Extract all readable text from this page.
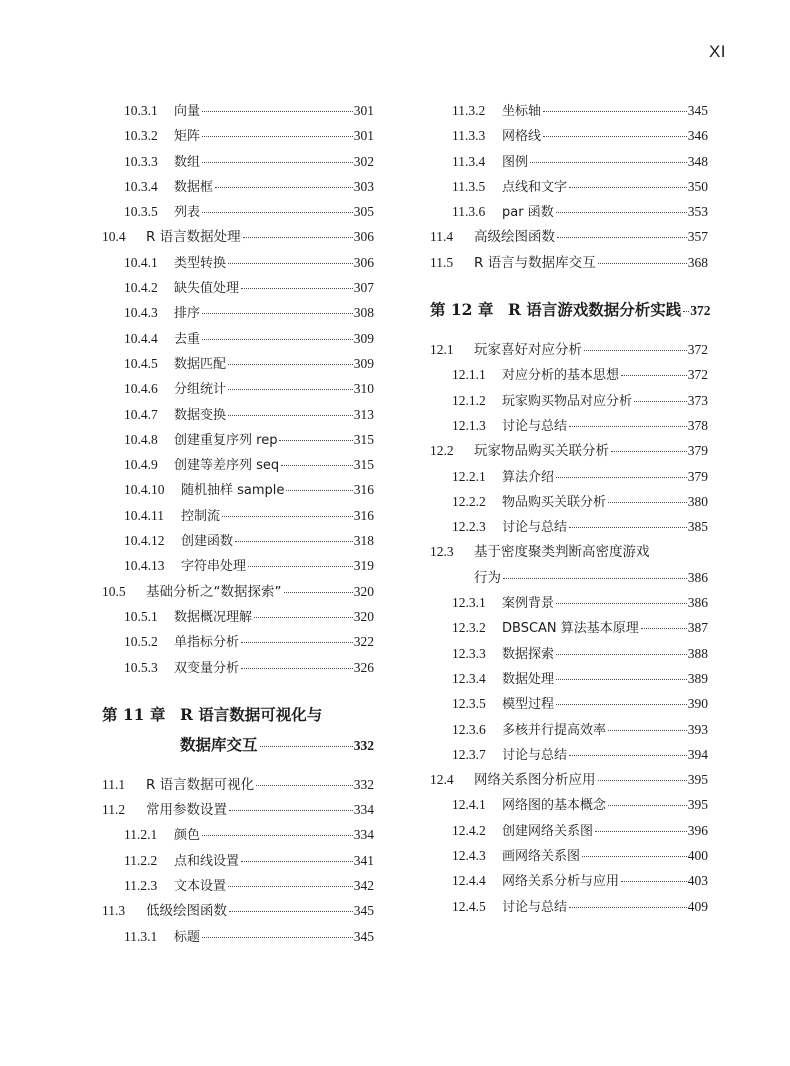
XI
10.3.1	向量	301
10.3.2	矩阵	301
10.3.3	数组	302
10.3.4	数据框	303
10.3.5	列表	305
10.4	R 语言数据处理	306
10.4.1	类型转换	306
10.4.2	缺失值处理	307
10.4.3	排序	308
10.4.4	去重	309
10.4.5	数据匹配	309
10.4.6	分组统计	310
10.4.7	数据变换	313
10.4.8	创建重复序列 rep	315
10.4.9	创建等差序列 seq	315
10.4.10	随机抽样 sample	316
10.4.11	控制流	316
10.4.12	创建函数	318
10.4.13	字符串处理	319
10.5	基础分析之“数据探索”	320
10.5.1	数据概况理解	320
10.5.2	单指标分析	322
10.5.3	双变量分析	326
第 11 章 R 语言数据可视化与
数据库交互	332
11.1	R 语言数据可视化	332
11.2	常用参数设置	334
11.2.1	颜色	334
11.2.2	点和线设置	341
11.2.3	文本设置	342
11.3	低级绘图函数	345
11.3.1	标题	345
11.3.2	坐标轴	345
11.3.3	网格线	346
11.3.4	图例	348
11.3.5	点线和文字	350
11.3.6	par 函数	353
11.4	高级绘图函数	357
11.5	R 语言与数据库交互	368
第 12 章 R 语言游戏数据分析实践 372
12.1	玩家喜好对应分析	372
12.1.1	对应分析的基本思想	372
12.1.2	玩家购买物品对应分析	373
12.1.3	讨论与总结	378
12.2	玩家物品购买关联分析	379
12.2.1	算法介绍	379
12.2.2	物品购买关联分析	380
12.2.3	讨论与总结	385
12.3	基于密度聚类判断高密度游戏
行为	386
12.3.1	案例背景	386
12.3.2	DBSCAN 算法基本原理	387
12.3.3	数据探索	388
12.3.4	数据处理	389
12.3.5	模型过程	390
12.3.6	多核并行提高效率	393
12.3.7	讨论与总结	394
12.4	网络关系图分析应用	395
12.4.1	网络图的基本概念	395
12.4.2	创建网络关系图	396
12.4.3	画网络关系图	400
12.4.4	网络关系分析与应用	403
12.4.5	讨论与总结	409
